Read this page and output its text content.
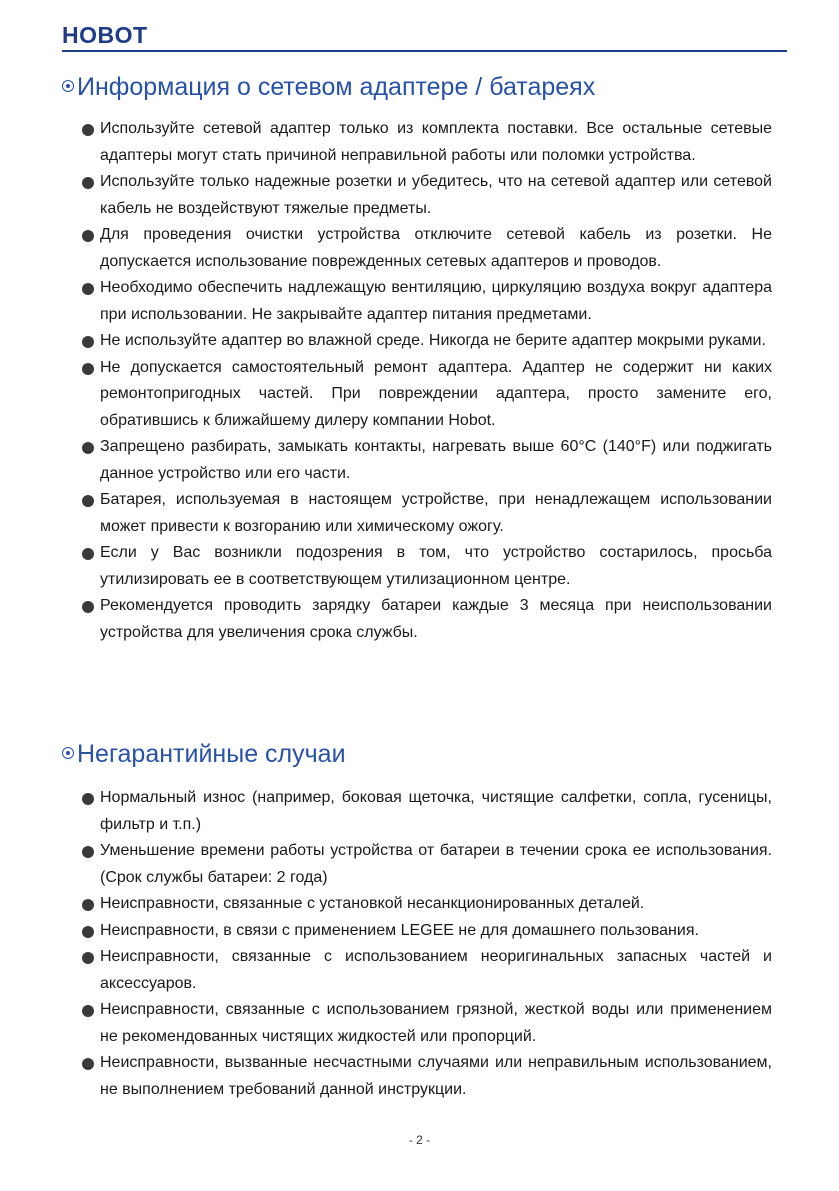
HOBOT
Информация о сетевом адаптере / батареях
Используйте сетевой адаптер только из комплекта поставки. Все остальные сетевые адаптеры могут стать причиной неправильной работы или поломки устройства.
Используйте только надежные розетки и убедитесь, что на сетевой адаптер или сетевой кабель не воздействуют тяжелые предметы.
Для проведения очистки устройства отключите сетевой кабель из розетки. Не допускается использование поврежденных сетевых адаптеров и проводов.
Необходимо обеспечить надлежащую вентиляцию, циркуляцию воздуха вокруг адаптера при использовании. Не закрывайте адаптер питания предметами.
Не используйте адаптер во влажной среде. Никогда не берите адаптер мокрыми руками.
Не допускается самостоятельный ремонт адаптера. Адаптер не содержит ни каких ремонтопригодных частей. При повреждении адаптера, просто замените его, обратившись к ближайшему дилеру компании Hobot.
Запрещено разбирать, замыкать контакты, нагревать выше 60°С (140°F) или поджигать данное устройство или его части.
Батарея, используемая в настоящем устройстве, при ненадлежащем использовании может привести к возгоранию или химическому ожогу.
Если у Вас возникли подозрения в том, что устройство состарилось, просьба утилизировать ее в соответствующем утилизационном центре.
Рекомендуется проводить зарядку батареи каждые 3 месяца при неиспользовании устройства для увеличения срока службы.
Негарантийные случаи
Нормальный износ (например, боковая щеточка, чистящие салфетки, сопла, гусеницы, фильтр и т.п.)
Уменьшение времени работы устройства от батареи в течении срока ее использования. (Срок службы батареи: 2 года)
Неисправности, связанные с установкой несанкционированных деталей.
Неисправности, в связи с применением LEGEE не для домашнего пользования.
Неисправности, связанные с использованием неоригинальных запасных частей и аксессуаров.
Неисправности, связанные с использованием грязной, жесткой воды или применением не рекомендованных чистящих жидкостей или пропорций.
Неисправности, вызванные несчастными случаями или неправильным использованием, не выполнением требований данной инструкции.
- 2 -
